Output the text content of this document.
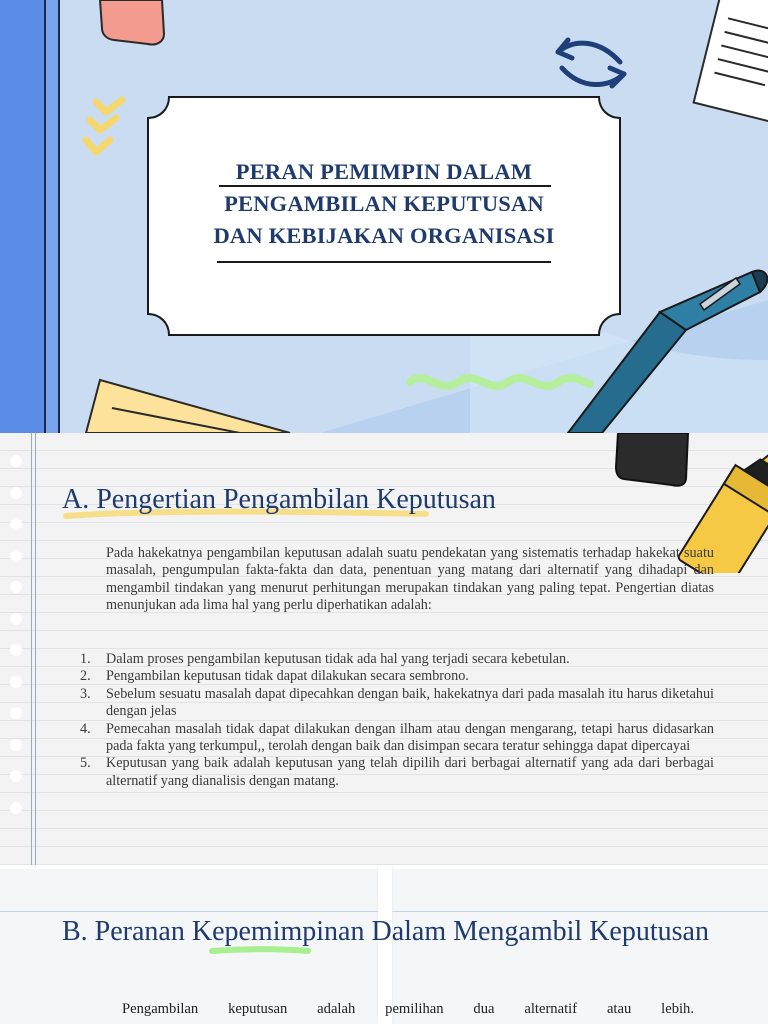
PERAN PEMIMPIN DALAM
PENGAMBILAN KEPUTUSAN
DAN KEBIJAKAN ORGANISASI
A. Pengertian Pengambilan Keputusan
Pada hakekatnya pengambilan keputusan adalah suatu pendekatan yang sistematis terhadap hakekat suatu masalah, pengumpulan fakta-fakta dan data, penentuan yang matang dari alternatif yang dihadapi dan mengambil tindakan yang menurut perhitungan merupakan tindakan yang paling tepat. Pengertian diatas menunjukan ada lima hal yang perlu diperhatikan adalah:
1. Dalam proses pengambilan keputusan tidak ada hal yang terjadi secara kebetulan.
2. Pengambilan keputusan tidak dapat dilakukan secara sembrono.
3. Sebelum sesuatu masalah dapat dipecahkan dengan baik, hakekatnya dari pada masalah itu harus diketahui dengan jelas
4. Pemecahan masalah tidak dapat dilakukan dengan ilham atau dengan mengarang, tetapi harus didasarkan pada fakta yang terkumpul,, terolah dengan baik dan disimpan secara teratur sehingga dapat dipercayai
5. Keputusan yang baik adalah keputusan yang telah dipilih dari berbagai alternatif yang ada dari berbagai alternatif yang dianalisis dengan matang.
B. Peranan Kepemimpinan Dalam Mengambil Keputusan
Pengambilan keputusan adalah pemilihan dua alternatif atau lebih.
